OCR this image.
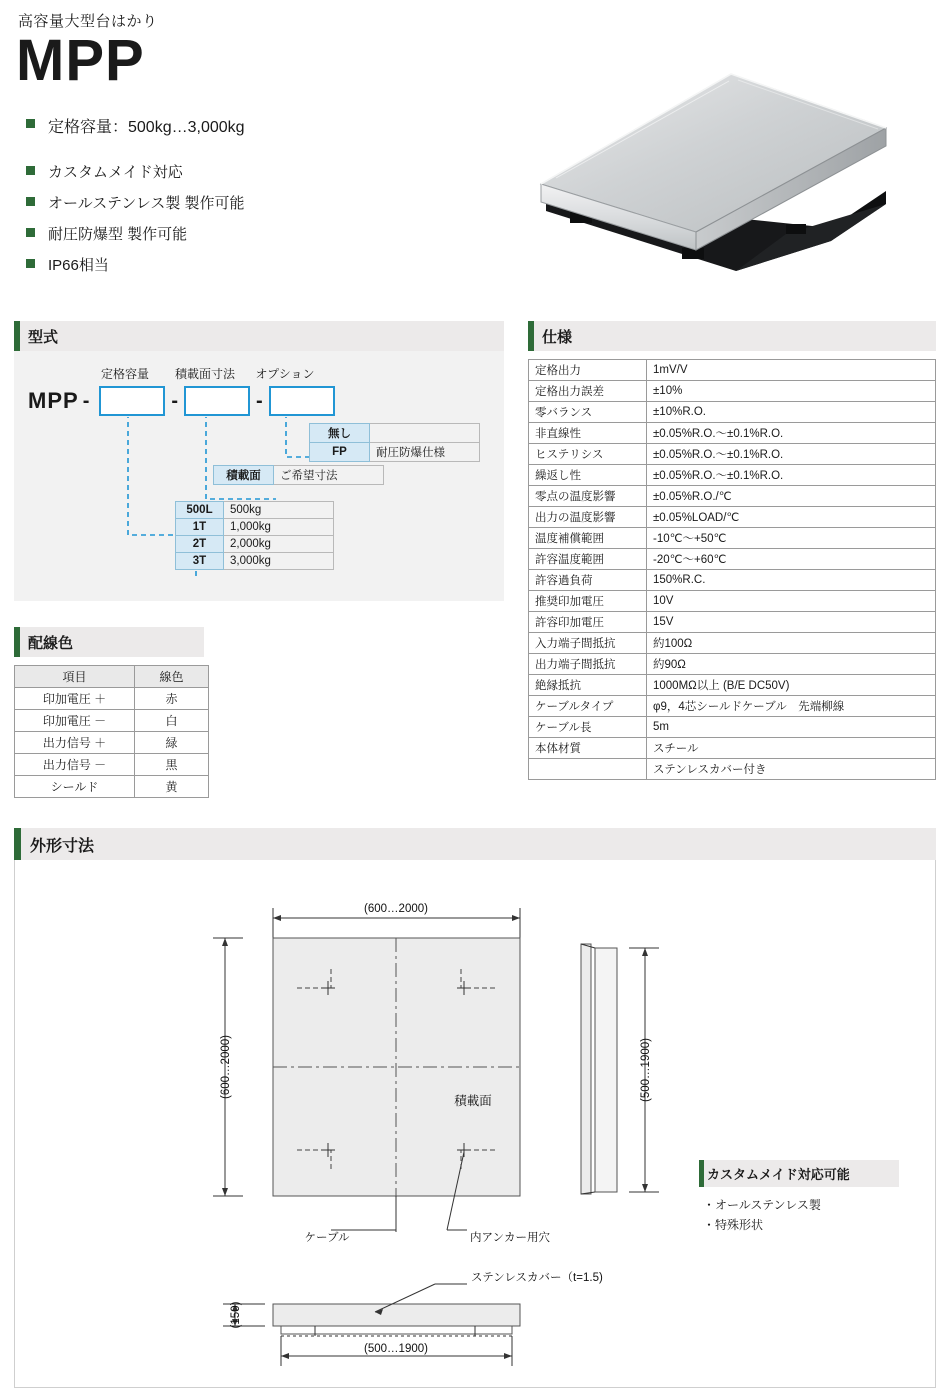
高容量大型台はかり
MPP
定格容量：500kg…3,000kg
カスタムメイド対応
オールステンレス製 製作可能
耐圧防爆型 製作可能
IP66相当
型式
定格容量	積載面寸法 オプション
MPP -	-	-
無し	
FP	耐圧防爆仕様
積載面	ご希望寸法
500L	500kg
1T	1,000kg
2T	2,000kg
3T	3,000kg
配線色
項目	線色
印加電圧 ＋	赤
印加電圧 －	白
出力信号 ＋	緑
出力信号 －	黒
シールド	黄
仕様
定格出力	1mV/V
定格出力誤差	±10%
零バランス	±10%R.O.
非直線性	±0.05%R.O.～±0.1%R.O.
ヒステリシス	±0.05%R.O.～±0.1%R.O.
繰返し性	±0.05%R.O.～±0.1%R.O.
零点の温度影響	±0.05%R.O./℃
出力の温度影響	±0.05%LOAD/℃
温度補償範囲	-10℃～+50℃
許容温度範囲	-20℃～+60℃
許容過負荷	150%R.C.
推奨印加電圧	10V
許容印加電圧	15V
入力端子間抵抗	約100Ω
出力端子間抵抗	約90Ω
絶縁抵抗	1000MΩ以上 (B/E DC50V)
ケーブルタイプ	φ9，4芯シールドケーブル　先端柳線
ケーブル長	5m
本体材質	スチール
	ステンレスカバー付き
外形寸法
(600…2000)
(600…2000)	(500…1900)
積載面
ケーブル	内アンカー用穴
ステンレスカバー（t=1.5)
(150)
(500…1900)
カスタムメイド対応可能
・オールステンレス製
・特殊形状
